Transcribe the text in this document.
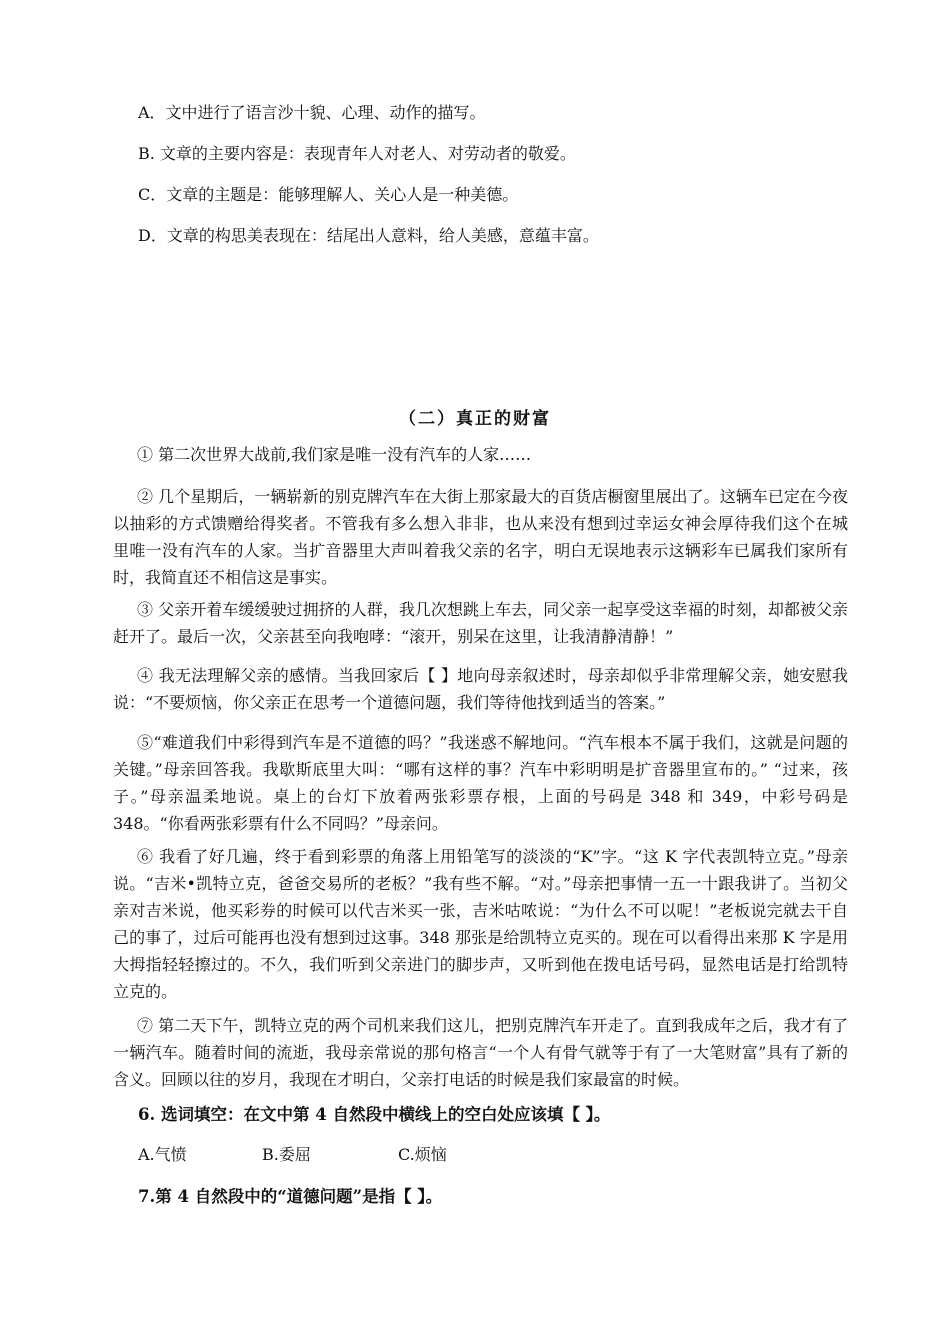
A．文中进行了语言沙十貌、心理、动作的描写。
B. 文章的主要内容是：表现青年人对老人、对劳动者的敬爱。
C．文章的主题是：能够理解人、关心人是一种美德。
D．文章的构思美表现在：结尾出人意料，给人美感，意蕴丰富。
（二）真正的财富

① 第二次世界大战前,我们家是唯一没有汽车的人家……

② 几个星期后，一辆崭新的别克牌汽车在大街上那家最大的百货店橱窗里展出了。这辆车已定在今夜以抽彩的方式馈赠给得奖者。不管我有多么想入非非，也从来没有想到过幸运女神会厚待我们这个在城里唯一没有汽车的人家。当扩音器里大声叫着我父亲的名字，明白无误地表示这辆彩车已属我们家所有时，我简直还不相信这是事实。

③ 父亲开着车缓缓驶过拥挤的人群，我几次想跳上车去，同父亲一起享受这幸福的时刻，却都被父亲赶开了。最后一次，父亲甚至向我咆哮：“滚开，别呆在这里，让我清静清静！”

④ 我无法理解父亲的感情。当我回家后【 】地向母亲叙述时，母亲却似乎非常理解父亲，她安慰我说：“不要烦恼，你父亲正在思考一个道德问题，我们等待他找到适当的答案。”

⑤“难道我们中彩得到汽车是不道德的吗？”我迷惑不解地问。“汽车根本不属于我们，这就是问题的关键。”母亲回答我。我歇斯底里大叫：“哪有这样的事？汽车中彩明明是扩音器里宣布的。” “过来，孩子。”母亲温柔地说。桌上的台灯下放着两张彩票存根，上面的号码是 348 和 349，中彩号码是 348。“你看两张彩票有什么不同吗？”母亲问。

⑥ 我看了好几遍，终于看到彩票的角落上用铅笔写的淡淡的“K”字。“这 K 字代表凯特立克。”母亲说。“吉米•凯特立克，爸爸交易所的老板？”我有些不解。“对。”母亲把事情一五一十跟我讲了。当初父亲对吉米说，他买彩券的时候可以代吉米买一张，吉米咕哝说：“为什么不可以呢！”老板说完就去干自己的事了，过后可能再也没有想到过这事。348 那张是给凯特立克买的。现在可以看得出来那 K 字是用大拇指轻轻擦过的。不久，我们听到父亲进门的脚步声，又听到他在拨电话号码，显然电话是打给凯特立克的。

⑦ 第二天下午，凯特立克的两个司机来我们这儿，把别克牌汽车开走了。直到我成年之后，我才有了一辆汽车。随着时间的流逝，我母亲常说的那句格言“一个人有骨气就等于有了一大笔财富”具有了新的含义。回顾以往的岁月，我现在才明白，父亲打电话的时候是我们家最富的时候。

6. 选词填空：在文中第 4 自然段中横线上的空白处应该填【 】。
A.气愤	B.委屈	C.烦恼
7.第 4 自然段中的“道德问题”是指【 】。
